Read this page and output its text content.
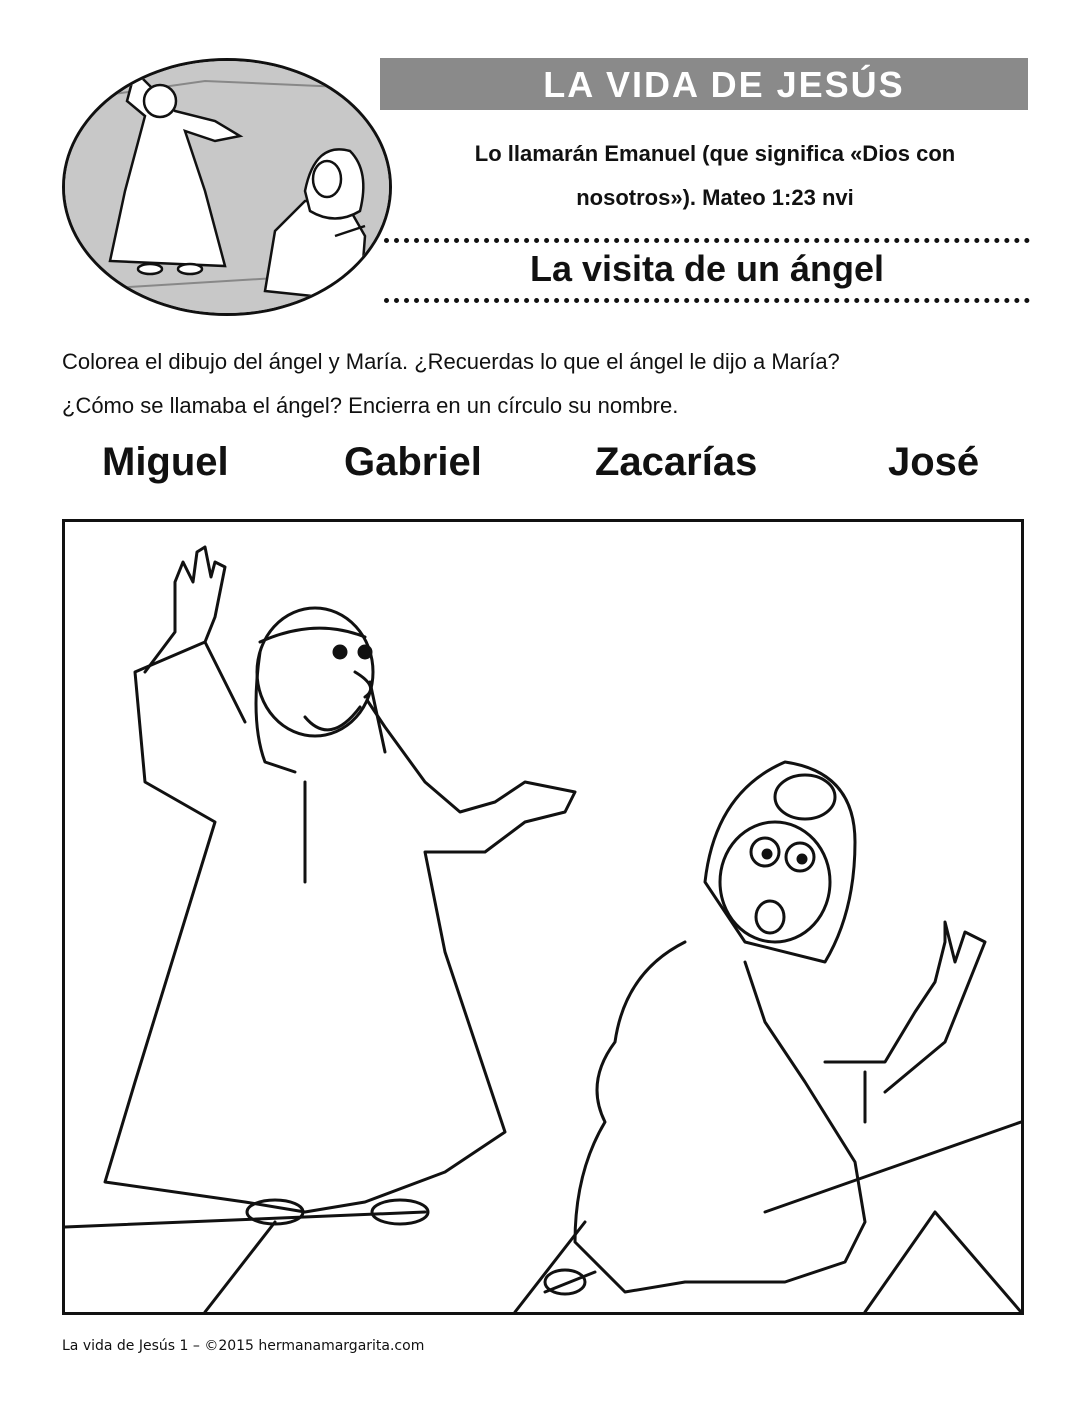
LA VIDA DE JESÚS
Lo llamarán Emanuel (que significa «Dios con
nosotros»). Mateo 1:23 nvi
La visita de un ángel

Colorea el dibujo del ángel y María. ¿Recuerdas lo que el ángel le dijo a María?

¿Cómo se llamaba el ángel? Encierra en un círculo su nombre.

Miguel	Gabriel	Zacarías	José
La vida de Jesús 1 – ©2015 hermanamargarita.com
